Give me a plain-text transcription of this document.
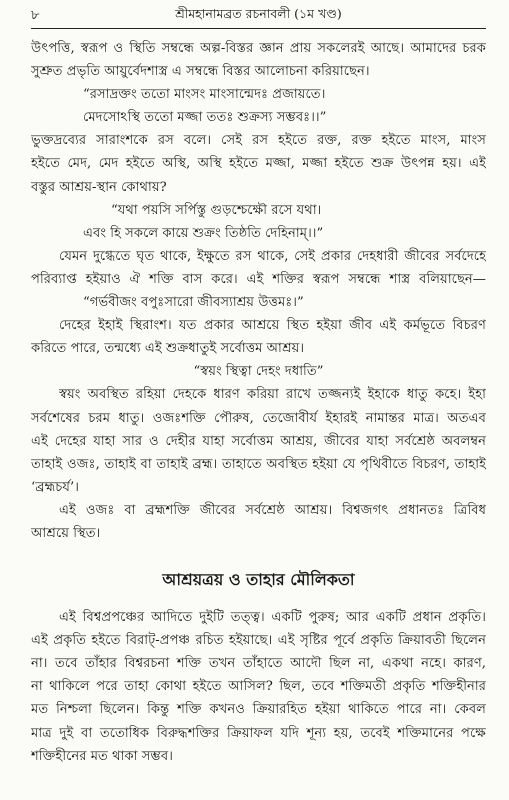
৮	শ্রীমহানামব্রত রচনাবলী (১ম খণ্ড)
উৎপত্তি, স্বরূপ ও স্থিতি সম্বন্ধে অল্প-বিস্তর জ্ঞান প্রায় সকলেরই আছে। আমাদের চরক
সুশ্রুত প্রভৃতি আয়ুর্বেদশাস্ত্র এ সম্বন্ধে বিস্তর আলোচনা করিয়াছেন।
“রসাদ্রক্তং ততো মাংসং মাংসান্মেদঃ প্রজায়তে।
মেদসোঽস্থি ততো মজ্জা ততঃ শুক্রস্য সম্ভবঃ।।”
ভুক্তদ্রব্যের সারাংশকে রস বলে। সেই রস হইতে রক্ত, রক্ত হইতে মাংস, মাংস
হইতে মেদ, মেদ হইতে অস্থি, অস্থি হইতে মজ্জা, মজ্জা হইতে শুক্র উৎপন্ন হয়। এই
বস্তুর আশ্রয়-স্থান কোথায়?
“যথা পয়সি সর্পিস্তু গুড়শ্চেক্ষৌ রসে যথা।
এবং হি সকলে কায়ে শুক্রং তিষ্ঠতি দেহিনাম্।।”
যেমন দুগ্ধেতে ঘৃত থাকে, ইক্ষুতে রস থাকে, সেই প্রকার দেহধারী জীবের সর্বদেহে
পরিব্যাপ্ত হইয়াও ঐ শক্তি বাস করে। এই শক্তির স্বরূপ সম্বন্ধে শাস্ত্র বলিয়াছেন—
“গর্ভবীজং বপুঃসারো জীবস্যাশ্রয় উত্তমঃ।”
দেহের ইহাই স্থিরাংশ। যত প্রকার আশ্রয়ে স্থিত হইয়া জীব এই কর্মভূতে বিচরণ
করিতে পারে, তন্মধ্যে এই শুক্রধাতুই সর্বোত্তম আশ্রয়।
“স্বয়ং স্থিত্বা দেহং দধাতি”
স্বয়ং অবস্থিত রহিয়া দেহকে ধারণ করিয়া রাখে তজ্জন্যই ইহাকে ধাতু কহে। ইহা
সর্বশেষের চরম ধাতু। ওজঃশক্তি পৌরুষ, তেজোবীর্য ইহারই নামান্তর মাত্র। অতএব
এই দেহের যাহা সার ও দেহীর যাহা সর্বোত্তম আশ্রয়, জীবের যাহা সর্বশ্রেষ্ঠ অবলম্বন
তাহাই ওজঃ, তাহাই বা তাহাই ব্রহ্ম। তাহাতে অবস্থিত হইয়া যে পৃথিবীতে বিচরণ, তাহাই
‘ব্রহ্মচর্য’।
এই ওজঃ বা ব্রহ্মশক্তি জীবের সর্বশ্রেষ্ঠ আশ্রয়। বিশ্বজগৎ প্রধানতঃ ত্রিবিধ
আশ্রয়ে স্থিত।
আশ্রয়ত্রয় ও তাহার মৌলিকতা
এই বিশ্বপ্রপঞ্চের আদিতে দুইটি তত্ত্ব। একটি পুরুষ; আর একটি প্রধান প্রকৃতি।
এই প্রকৃতি হইতে বিরাট্-প্রপঞ্চ রচিত হইয়াছে। এই সৃষ্টির পূর্বে প্রকৃতি ক্রিয়াবতী ছিলেন
না। তবে তাঁহার বিশ্বরচনা শক্তি তখন তাঁহাতে আদৌ ছিল না, একথা নহে। কারণ,
না থাকিলে পরে তাহা কোথা হইতে আসিল? ছিল, তবে শক্তিমতী প্রকৃতি শক্তিহীনার
মত নিশ্চলা ছিলেন। কিন্তু শক্তি কখনও ক্রিয়ারহিত হইয়া থাকিতে পারে না। কেবল
মাত্র দুই বা ততোধিক বিরুদ্ধশক্তির ক্রিয়াফল যদি শূন্য হয়, তবেই শক্তিমানের পক্ষে
শক্তিহীনের মত থাকা সম্ভব।
